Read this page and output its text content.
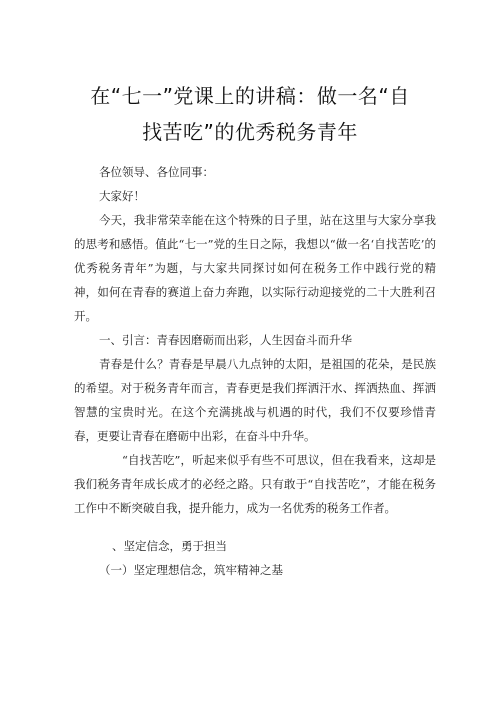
在“七一”党课上的讲稿：做一名“自
找苦吃”的优秀税务青年

各位领导、各位同事：

大家好！

今天，我非常荣幸能在这个特殊的日子里，站在这里与大家分享我的思考和感悟。值此“七一”党的生日之际，我想以“做一名‘自找苦吃’的优秀税务青年”为题，与大家共同探讨如何在税务工作中践行党的精神，如何在青春的赛道上奋力奔跑，以实际行动迎接党的二十大胜利召开。

一、引言：青春因磨砺而出彩，人生因奋斗而升华

青春是什么？青春是早晨八九点钟的太阳，是祖国的花朵，是民族的希望。对于税务青年而言，青春更是我们挥洒汗水、挥洒热血、挥洒智慧的宝贵时光。在这个充满挑战与机遇的时代，我们不仅要珍惜青春，更要让青春在磨砺中出彩，在奋斗中升华。

“自找苦吃”，听起来似乎有些不可思议，但在我看来，这却是我们税务青年成长成才的必经之路。只有敢于“自找苦吃”，才能在税务工作中不断突破自我，提升能力，成为一名优秀的税务工作者。

、坚定信念，勇于担当

（一）坚定理想信念，筑牢精神之基
